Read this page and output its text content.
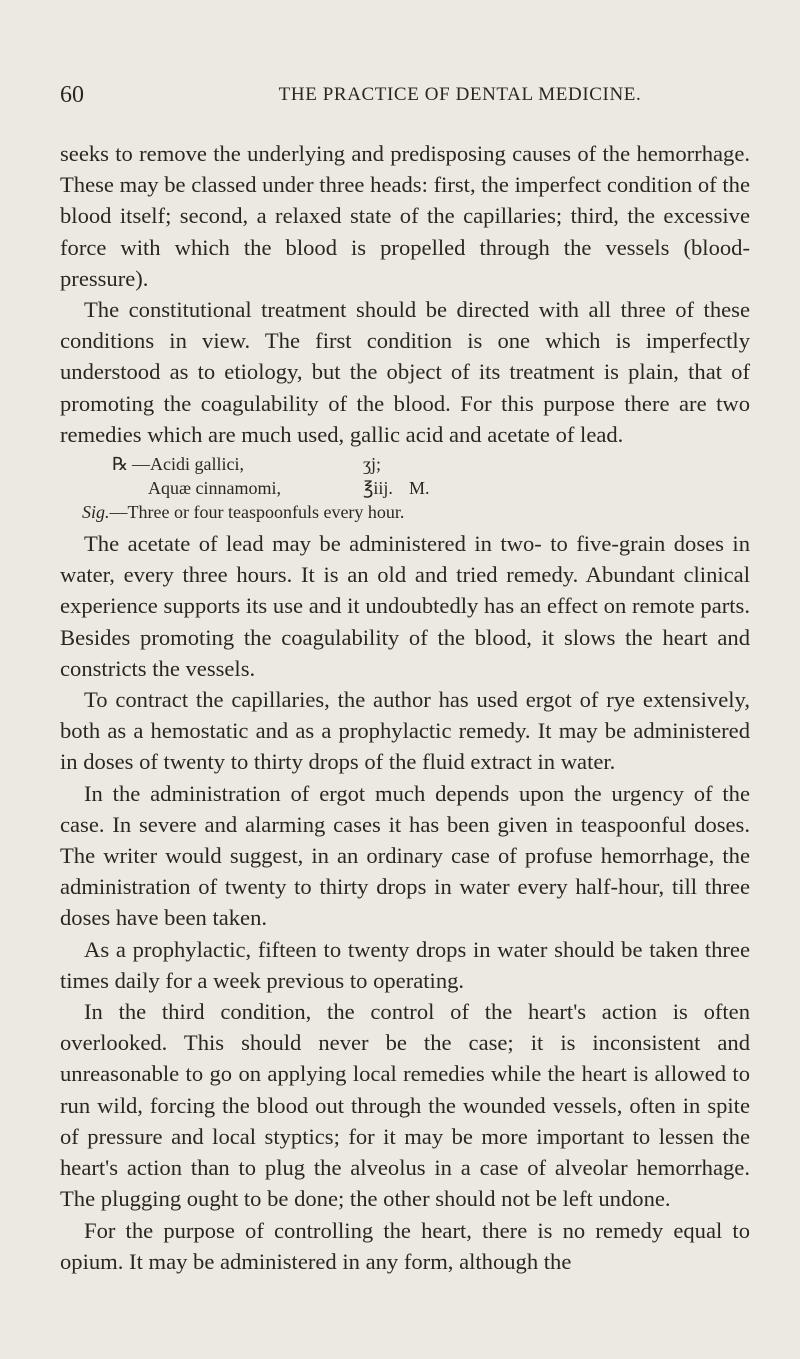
60	THE PRACTICE OF DENTAL MEDICINE.

seeks to remove the underlying and predisposing causes of the hemorrhage. These may be classed under three heads: first, the imperfect condition of the blood itself; second, a relaxed state of the capillaries; third, the excessive force with which the blood is propelled through the vessels (blood-pressure).

The constitutional treatment should be directed with all three of these conditions in view. The first condition is one which is imperfectly understood as to etiology, but the object of its treatment is plain, that of promoting the coagulability of the blood. For this purpose there are two remedies which are much used, gallic acid and acetate of lead.

℞ —Acidi gallici,	ʒj;
Aquæ cinnamomi,	℥iij. M.
Sig.—Three or four teaspoonfuls every hour.

The acetate of lead may be administered in two- to five-grain doses in water, every three hours. It is an old and tried remedy. Abundant clinical experience supports its use and it undoubtedly has an effect on remote parts. Besides promoting the coagulability of the blood, it slows the heart and constricts the vessels.

To contract the capillaries, the author has used ergot of rye extensively, both as a hemostatic and as a prophylactic remedy. It may be administered in doses of twenty to thirty drops of the fluid extract in water.

In the administration of ergot much depends upon the urgency of the case. In severe and alarming cases it has been given in teaspoonful doses. The writer would suggest, in an ordinary case of profuse hemorrhage, the administration of twenty to thirty drops in water every half-hour, till three doses have been taken.

As a prophylactic, fifteen to twenty drops in water should be taken three times daily for a week previous to operating.

In the third condition, the control of the heart's action is often overlooked. This should never be the case; it is inconsistent and unreasonable to go on applying local remedies while the heart is allowed to run wild, forcing the blood out through the wounded vessels, often in spite of pressure and local styptics; for it may be more important to lessen the heart's action than to plug the alveolus in a case of alveolar hemorrhage. The plugging ought to be done; the other should not be left undone.

For the purpose of controlling the heart, there is no remedy equal to opium. It may be administered in any form, although the
